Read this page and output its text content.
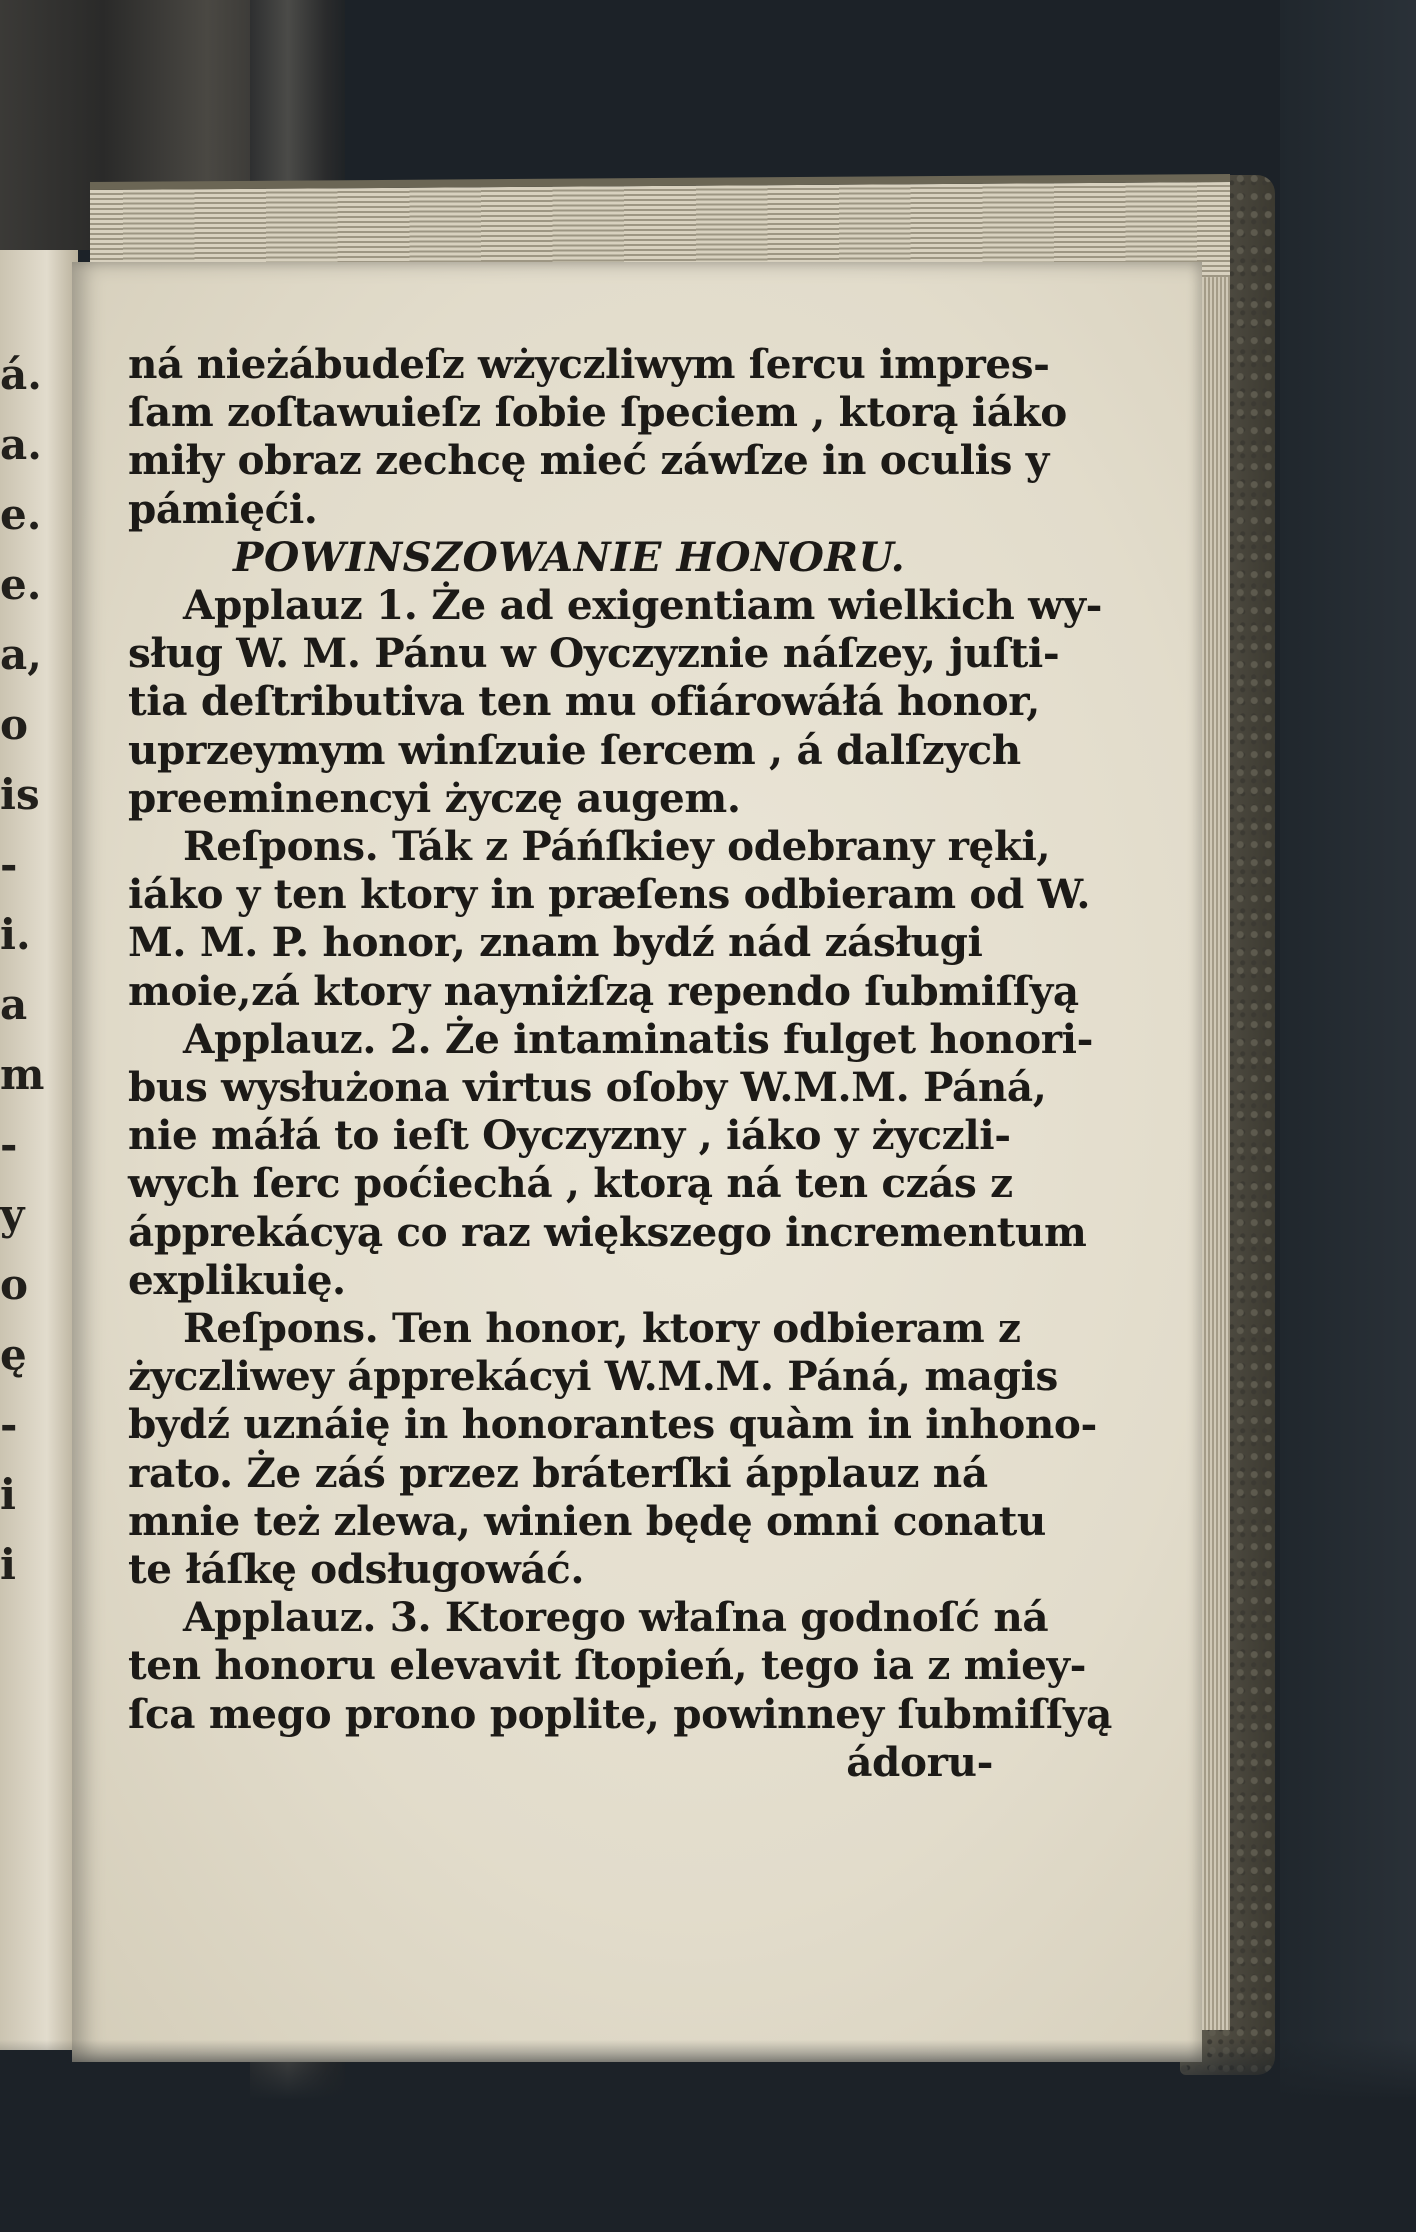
á.
a.
e.
e.
a,
o
is
-
i.
a
m
-
y
o
ę
-
i
i
ná nieżábudeſz wżyczliwym ſercu impres-
ſam zoſtawuieſz ſobie ſpeciem , ktorą iáko
miły obraz zechcę mieć záwſze in oculis y
pámięći.
POWINSZOWANIE HONORU.
Applauz 1. Że ad exigentiam wielkich wy-
sług W. M. Pánu w Oyczyznie náſzey, juſti-
tia deſtributiva ten mu ofiárowáłá honor,
uprzeymym winſzuie ſercem , á dalſzych
preeminencyi życzę augem.
Reſpons. Ták z Páńſkiey odebrany ręki,
iáko y ten ktory in præſens odbieram od W.
M. M. P. honor, znam bydź nád zásługi
moie,zá ktory nayniżſzą rependo ſubmiſſyą
Applauz. 2. Że intaminatis fulget honori-
bus wysłużona virtus oſoby W.M.M. Páná,
nie máłá to ieſt Oyczyzny , iáko y życzli-
wych ſerc poćiechá , ktorą ná ten czás z
ápprekácyą co raz większego incrementum
explikuię.
Reſpons. Ten honor, ktory odbieram z
życzliwey ápprekácyi W.M.M. Páná, magis
bydź uznáię in honorantes quàm in inhono-
rato. Że záś przez bráterſki ápplauz ná
mnie też zlewa, winien będę omni conatu
te łáſkę odsługowáć.
Applauz. 3. Ktorego właſna godnoſć ná
ten honoru elevavit ſtopień, tego ia z miey-
ſca mego prono poplite, powinney ſubmiſſyą
ádoru-
